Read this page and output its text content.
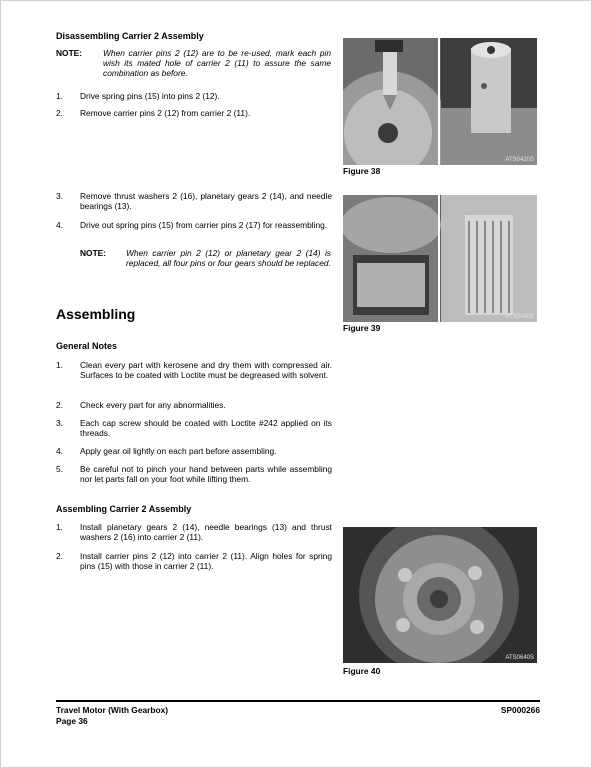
Disassembling Carrier 2 Assembly
NOTE: When carrier pins 2 (12) are to be re-used, mark each pin wish its mated hole of carrier 2 (11) to assure the same combination as before.
1. Drive spring pins (15) into pins 2 (12).
2. Remove carrier pins 2 (12) from carrier 2 (11).
3. Remove thrust washers 2 (16), planetary gears 2 (14), and needle bearings (13).
4. Drive out spring pins (15) from carrier pins 2 (17) for reassembling.
NOTE: When carrier pin 2 (12) or planetary gear 2 (14) is replaced, all four pins or four gears should be replaced.
Assembling
General Notes
1. Clean every part with kerosene and dry them with compressed air. Surfaces to be coated with Loctite must be degreased with solvent.
2. Check every part for any abnormalities.
3. Each cap screw should be coated with Loctite #242 applied on its threads.
4. Apply gear oil lightly on each part before assembling.
5. Be careful not to pinch your hand between parts while assembling nor let parts fall on your foot while lifting them.
Assembling Carrier 2 Assembly
1. Install planetary gears 2 (14), needle bearings (13) and thrust washers 2 (16) into carrier 2 (11).
2. Install carrier pins 2 (12) into carrier 2 (11). Align holes for spring pins (15) with those in carrier 2 (11).
ATS0420S
Figure 38
ATS0430S
Figure 39
ATS0640S
Figure 40
Travel Motor (With Gearbox)
Page 36
SP000266
